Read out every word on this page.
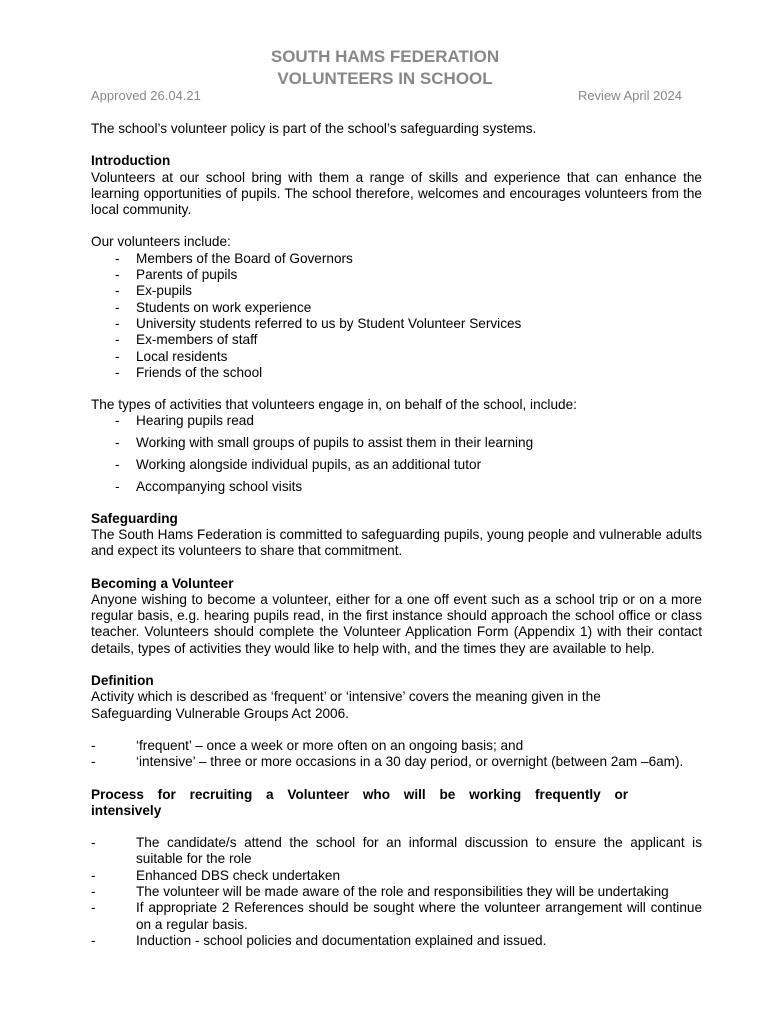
SOUTH HAMS FEDERATION
VOLUNTEERS IN SCHOOL
Approved 26.04.21	Review April 2024

The school’s volunteer policy is part of the school’s safeguarding systems.

Introduction

Volunteers at our school bring with them a range of skills and experience that can enhance the learning opportunities of pupils. The school therefore, welcomes and encourages volunteers from the local community.

Our volunteers include:

- Members of the Board of Governors
- Parents of pupils
- Ex-pupils
- Students on work experience
- University students referred to us by Student Volunteer Services
- Ex-members of staff
- Local residents
- Friends of the school

The types of activities that volunteers engage in, on behalf of the school, include:

- Hearing pupils read
- Working with small groups of pupils to assist them in their learning
- Working alongside individual pupils, as an additional tutor
- Accompanying school visits
Safeguarding

The South Hams Federation is committed to safeguarding pupils, young people and vulnerable adults and expect its volunteers to share that commitment.

Becoming a Volunteer

Anyone wishing to become a volunteer, either for a one off event such as a school trip or on a more regular basis, e.g. hearing pupils read, in the first instance should approach the school office or class teacher. Volunteers should complete the Volunteer Application Form (Appendix 1) with their contact details, types of activities they would like to help with, and the times they are available to help.

Definition

Activity which is described as ‘frequent’ or ‘intensive’ covers the meaning given in the

Safeguarding Vulnerable Groups Act 2006.

- ‘frequent’ – once a week or more often on an ongoing basis; and
- ‘intensive’ – three or more occasions in a 30 day period, or overnight (between 2am –6am).
Process for recruiting a Volunteer who will be working frequently or intensively
- The candidate/s attend the school for an informal discussion to ensure the applicant is suitable for the role
- Enhanced DBS check undertaken
- The volunteer will be made aware of the role and responsibilities they will be undertaking
- If appropriate 2 References should be sought where the volunteer arrangement will continue on a regular basis.
- Induction - school policies and documentation explained and issued.
